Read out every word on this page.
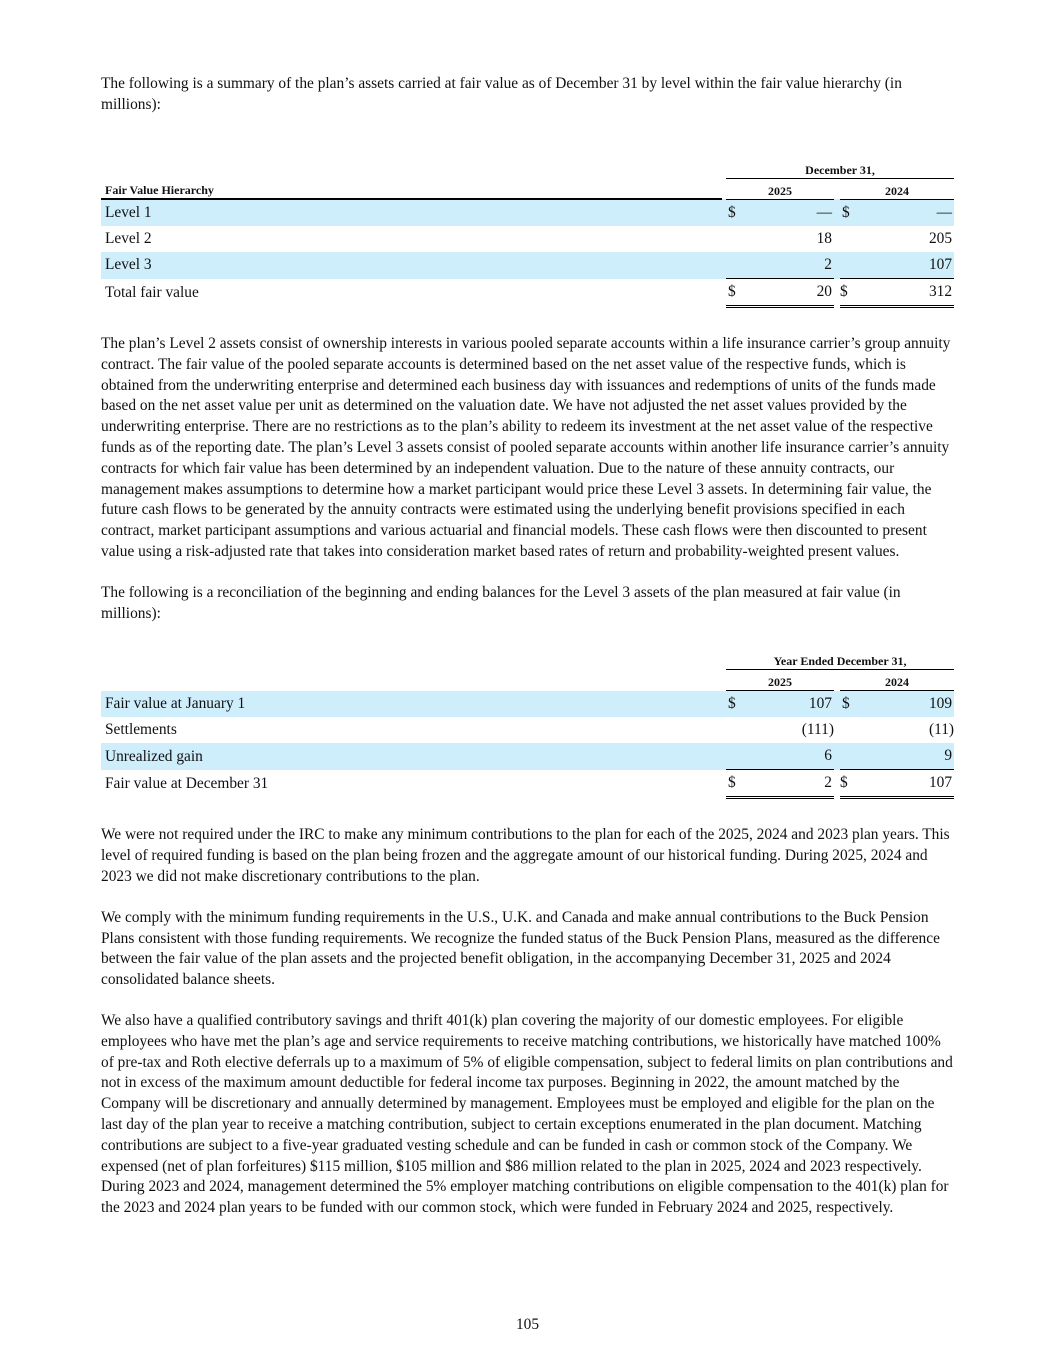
The following is a summary of the plan’s assets carried at fair value as of December 31 by level within the fair value hierarchy (in millions):

		December 31,				
Fair Value Hierarchy		2025			2024	
Level 1		$	—		$	—
Level 2			18			205
Level 3			2			107
Total fair value		$	20		$	312

The plan’s Level 2 assets consist of ownership interests in various pooled separate accounts within a life insurance carrier’s group annuity contract. The fair value of the pooled separate accounts is determined based on the net asset value of the respective funds, which is obtained from the underwriting enterprise and determined each business day with issuances and redemptions of units of the funds made based on the net asset value per unit as determined on the valuation date. We have not adjusted the net asset values provided by the underwriting enterprise. There are no restrictions as to the plan’s ability to redeem its investment at the net asset value of the respective funds as of the reporting date. The plan’s Level 3 assets consist of pooled separate accounts within another life insurance carrier’s annuity contracts for which fair value has been determined by an independent valuation. Due to the nature of these annuity contracts, our management makes assumptions to determine how a market participant would price these Level 3 assets. In determining fair value, the future cash flows to be generated by the annuity contracts were estimated using the underlying benefit provisions specified in each contract, market participant assumptions and various actuarial and financial models. These cash flows were then discounted to present value using a risk-adjusted rate that takes into consideration market based rates of return and probability-weighted present values.

The following is a reconciliation of the beginning and ending balances for the Level 3 assets of the plan measured at fair value (in millions):

		Year Ended December 31,				
		2025			2024	
Fair value at January 1		$	107		$	109
Settlements			(111)			(11)
Unrealized gain			6			9
Fair value at December 31		$	2		$	107

We were not required under the IRC to make any minimum contributions to the plan for each of the 2025, 2024 and 2023 plan years. This level of required funding is based on the plan being frozen and the aggregate amount of our historical funding. During 2025, 2024 and 2023 we did not make discretionary contributions to the plan.

We comply with the minimum funding requirements in the U.S., U.K. and Canada and make annual contributions to the Buck Pension Plans consistent with those funding requirements. We recognize the funded status of the Buck Pension Plans, measured as the difference between the fair value of the plan assets and the projected benefit obligation, in the accompanying December 31, 2025 and 2024 consolidated balance sheets.

We also have a qualified contributory savings and thrift 401(k) plan covering the majority of our domestic employees. For eligible employees who have met the plan’s age and service requirements to receive matching contributions, we historically have matched 100% of pre-tax and Roth elective deferrals up to a maximum of 5% of eligible compensation, subject to federal limits on plan contributions and not in excess of the maximum amount deductible for federal income tax purposes. Beginning in 2022, the amount matched by the Company will be discretionary and annually determined by management. Employees must be employed and eligible for the plan on the last day of the plan year to receive a matching contribution, subject to certain exceptions enumerated in the plan document. Matching contributions are subject to a five-year graduated vesting schedule and can be funded in cash or common stock of the Company. We expensed (net of plan forfeitures) $115 million, $105 million and $86 million related to the plan in 2025, 2024 and 2023 respectively. During 2023 and 2024, management determined the 5% employer matching contributions on eligible compensation to the 401(k) plan for the 2023 and 2024 plan years to be funded with our common stock, which were funded in February 2024 and 2025, respectively.

105
